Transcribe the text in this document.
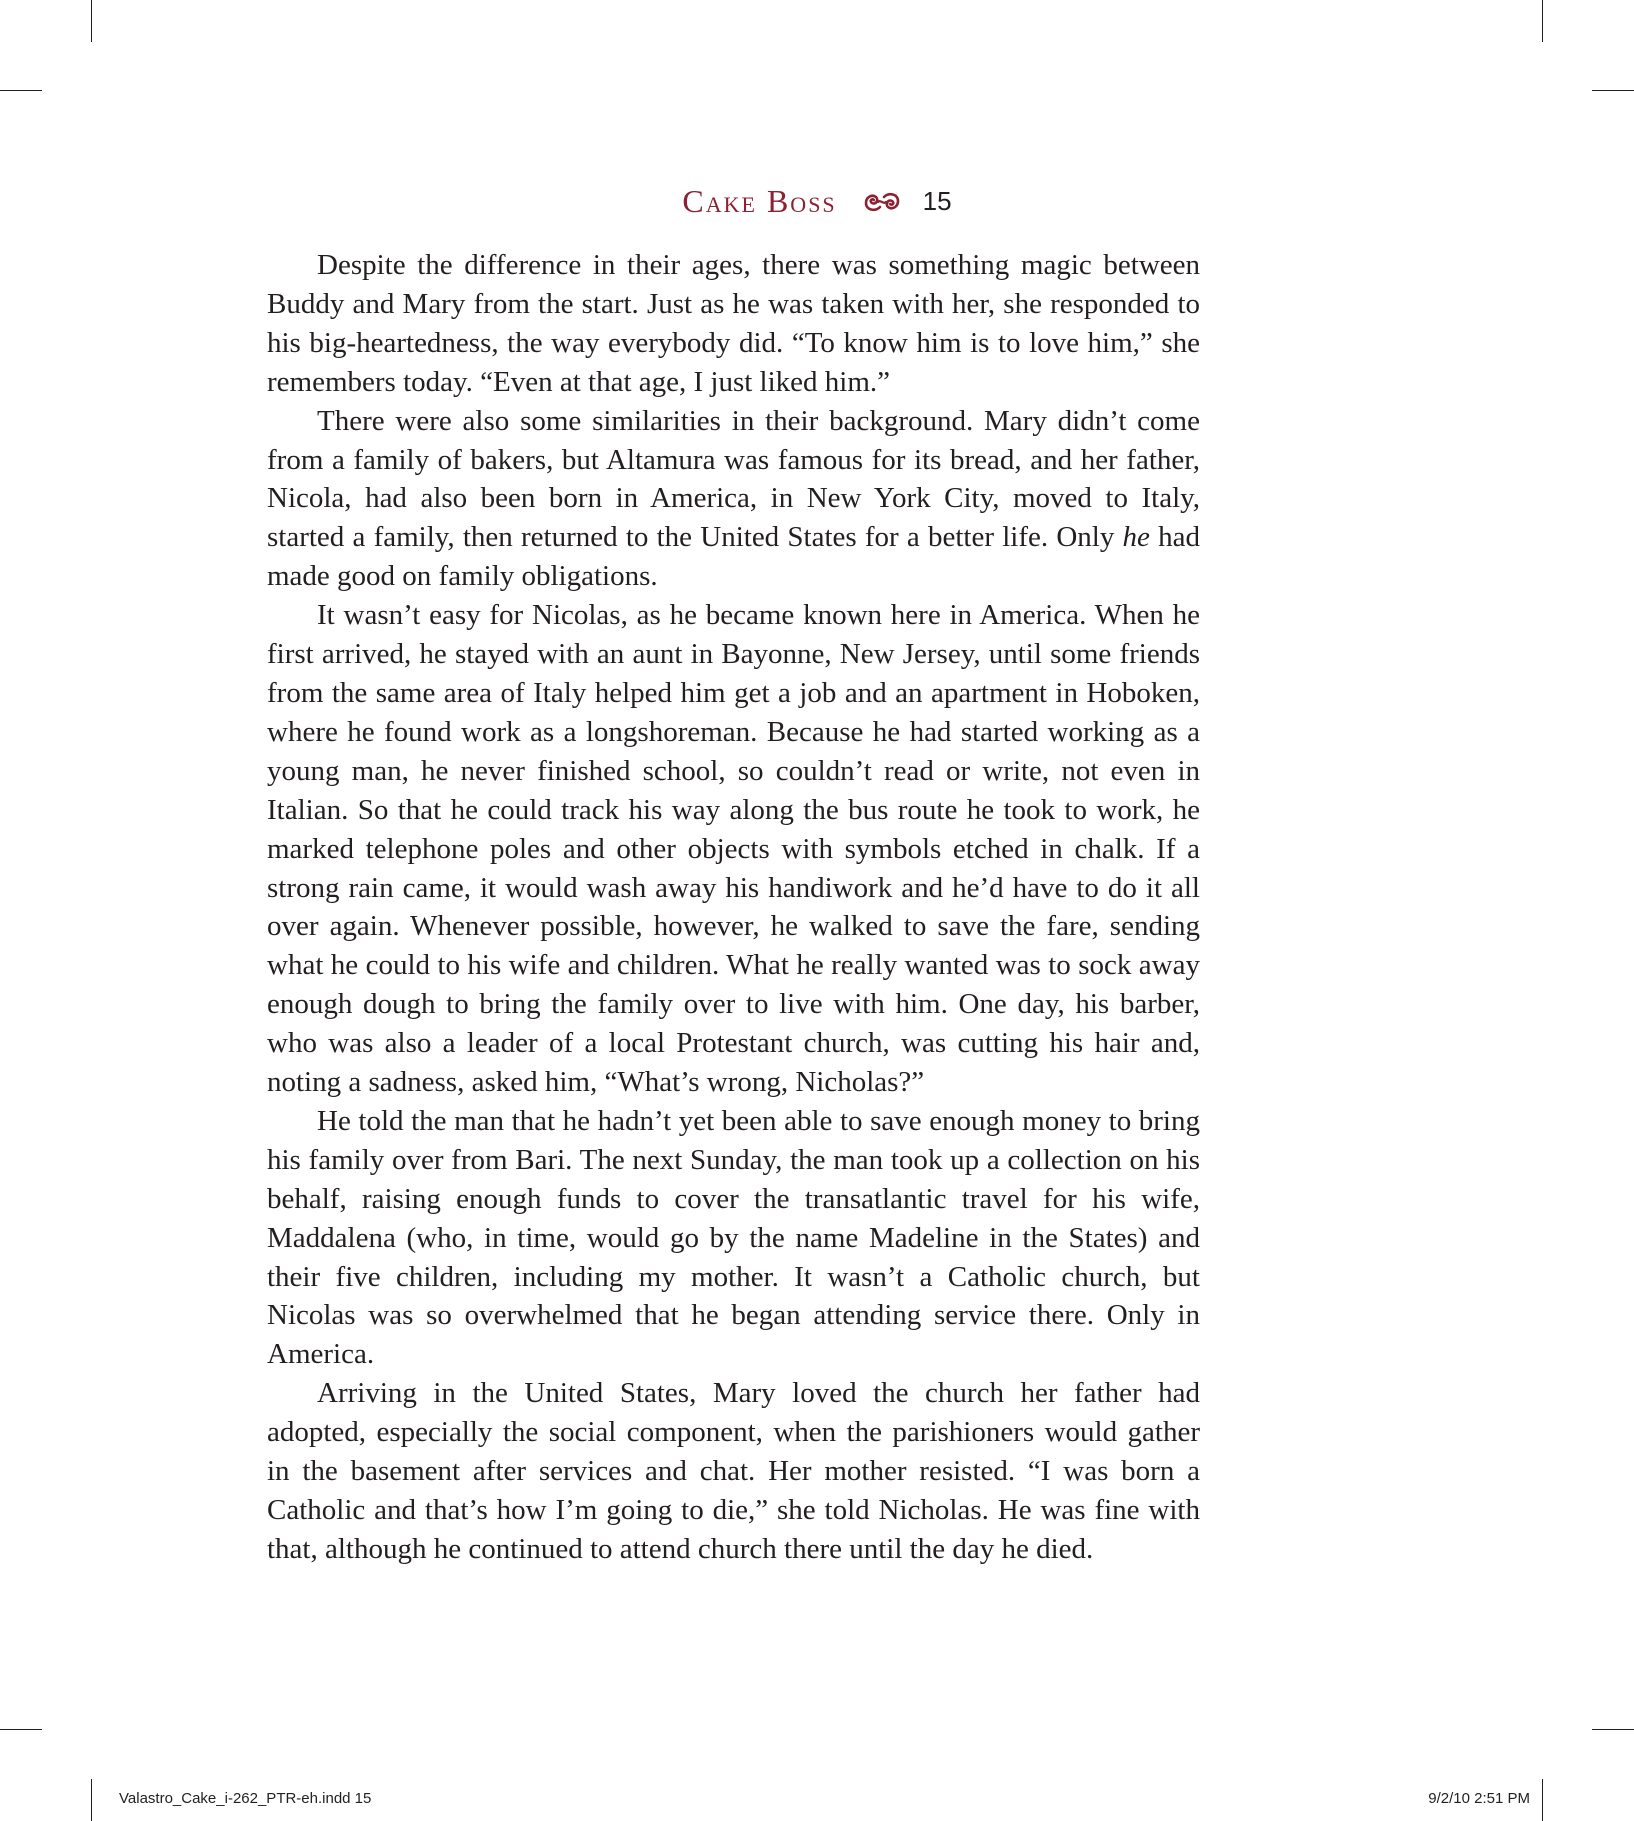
Cake Boss	15

Despite the difference in their ages, there was something magic between Buddy and Mary from the start. Just as he was taken with her, she responded to his big-heartedness, the way everybody did. “To know him is to love him,” she remembers today. “Even at that age, I just liked him.”

There were also some similarities in their background. Mary didn’t come from a family of bakers, but Altamura was famous for its bread, and her father, Nicola, had also been born in America, in New York City, moved to Italy, started a family, then returned to the United States for a better life. Only he had made good on family obligations.

It wasn’t easy for Nicolas, as he became known here in America. When he first arrived, he stayed with an aunt in Bayonne, New Jersey, until some friends from the same area of Italy helped him get a job and an apartment in Hoboken, where he found work as a longshoreman. Because he had started working as a young man, he never finished school, so couldn’t read or write, not even in Italian. So that he could track his way along the bus route he took to work, he marked telephone poles and other objects with symbols etched in chalk. If a strong rain came, it would wash away his handiwork and he’d have to do it all over again. Whenever possible, however, he walked to save the fare, sending what he could to his wife and children. What he really wanted was to sock away enough dough to bring the family over to live with him. One day, his barber, who was also a leader of a local Protestant church, was cutting his hair and, noting a sadness, asked him, “What’s wrong, Nicholas?”

He told the man that he hadn’t yet been able to save enough money to bring his family over from Bari. The next Sunday, the man took up a collection on his behalf, raising enough funds to cover the transatlantic travel for his wife, Maddalena (who, in time, would go by the name Madeline in the States) and their five children, including my mother. It wasn’t a Catholic church, but Nicolas was so overwhelmed that he began attending service there. Only in America.

Arriving in the United States, Mary loved the church her father had adopted, especially the social component, when the parishioners would gather in the basement after services and chat. Her mother resisted. “I was born a Catholic and that’s how I’m going to die,” she told Nicholas. He was fine with that, although he continued to attend church there until the day he died.

Valastro_Cake_i-262_PTR-eh.indd 15	9/2/10 2:51 PM
